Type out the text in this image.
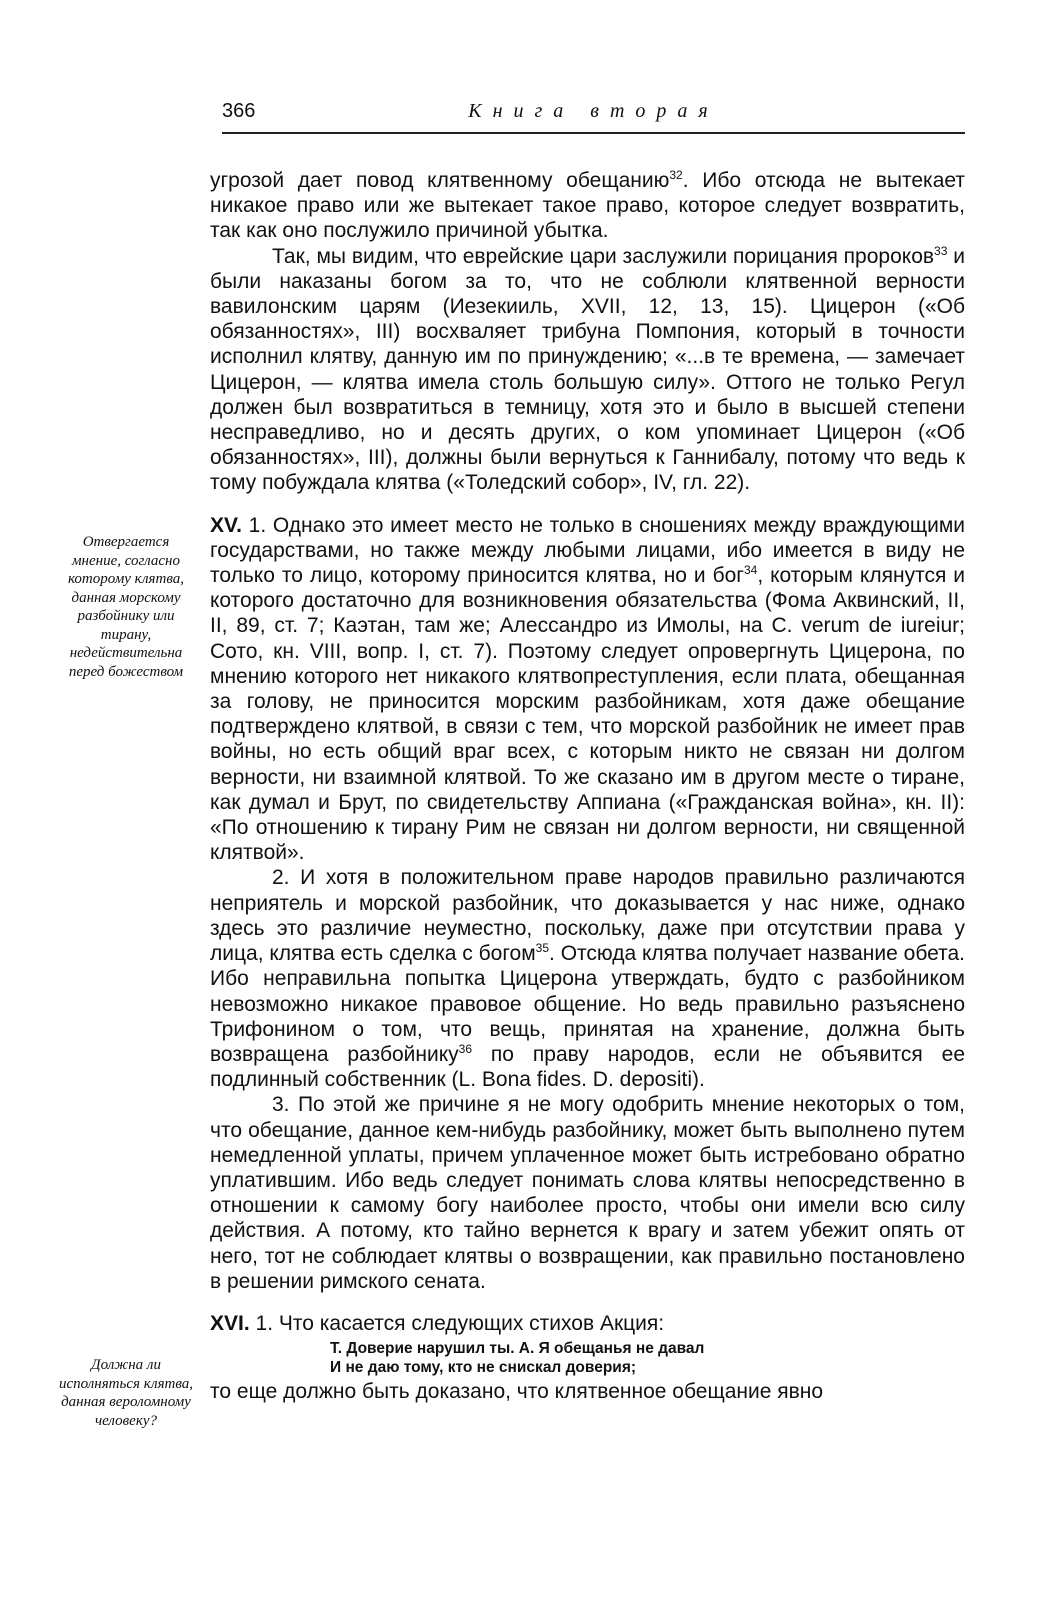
366	Книга вторая
Отвергается мнение, согласно которому клятва, данная морскому разбойнику или тирану, недействительна перед божеством
Должна ли исполняться клятва, данная вероломному человеку?

угрозой дает повод клятвенному обещанию$^{32}$. Ибо отсюда не вытекает никакое право или же вытекает такое право, которое следует возвратить, так как оно послужило причиной убытка.

Так, мы видим, что еврейские цари заслужили порицания пророков$^{33}$ и были наказаны богом за то, что не соблюли клятвенной верности вавилонским царям (Иезекииль, XVII, 12, 13, 15). Цицерон («Об обязанностях», III) восхваляет трибуна Помпония, который в точности исполнил клятву, данную им по принуждению; «...в те времена, — замечает Цицерон, — клятва имела столь большую силу». Оттого не только Регул должен был возвратиться в темницу, хотя это и было в высшей степени несправедливо, но и десять других, о ком упоминает Цицерон («Об обязанностях», III), должны были вернуться к Ганнибалу, потому что ведь к тому побуждала клятва («Толедский собор», IV, гл. 22).

XV. 1. Однако это имеет место не только в сношениях между враждующими государствами, но также между любыми лицами, ибо имеется в виду не только то лицо, которому приносится клятва, но и бог$^{34}$, которым клянутся и которого достаточно для возникновения обязательства (Фома Аквинский, II, II, 89, ст. 7; Каэтан, там же; Алессандро из Имолы, на C. verum de iureiur; Сото, кн. VIII, вопр. I, ст. 7). Поэтому следует опровергнуть Цицерона, по мнению которого нет никакого клятвопреступления, если плата, обещанная за голову, не приносится морским разбойникам, хотя даже обещание подтверждено клятвой, в связи с тем, что морской разбойник не имеет прав войны, но есть общий враг всех, с которым никто не связан ни долгом верности, ни взаимной клятвой. То же сказано им в другом месте о тиране, как думал и Брут, по свидетельству Аппиана («Гражданская война», кн. II): «По отношению к тирану Рим не связан ни долгом верности, ни священной клятвой».

2. И хотя в положительном праве народов правильно различаются неприятель и морской разбойник, что доказывается у нас ниже, однако здесь это различие неуместно, поскольку, даже при отсутствии права у лица, клятва есть сделка с богом$^{35}$. Отсюда клятва получает название обета. Ибо неправильна попытка Цицерона утверждать, будто с разбойником невозможно никакое правовое общение. Но ведь правильно разъяснено Трифонином о том, что вещь, принятая на хранение, должна быть возвращена разбойнику$^{36}$ по праву народов, если не объявится ее подлинный собственник (L. Bona fides. D. depositi).

3. По этой же причине я не могу одобрить мнение некоторых о том, что обещание, данное кем-нибудь разбойнику, может быть выполнено путем немедленной уплаты, причем уплаченное может быть истребовано обратно уплатившим. Ибо ведь следует понимать слова клятвы непосредственно в отношении к самому богу наиболее просто, чтобы они имели всю силу действия. А потому, кто тайно вернется к врагу и затем убежит опять от него, тот не соблюдает клятвы о возвращении, как правильно постановлено в решении римского сената.

XVI. 1. Что касается следующих стихов Акция:

Т. Доверие нарушил ты. А. Я обещанья не давал
И не даю тому, кто не снискал доверия;

то еще должно быть доказано, что клятвенное обещание явно
